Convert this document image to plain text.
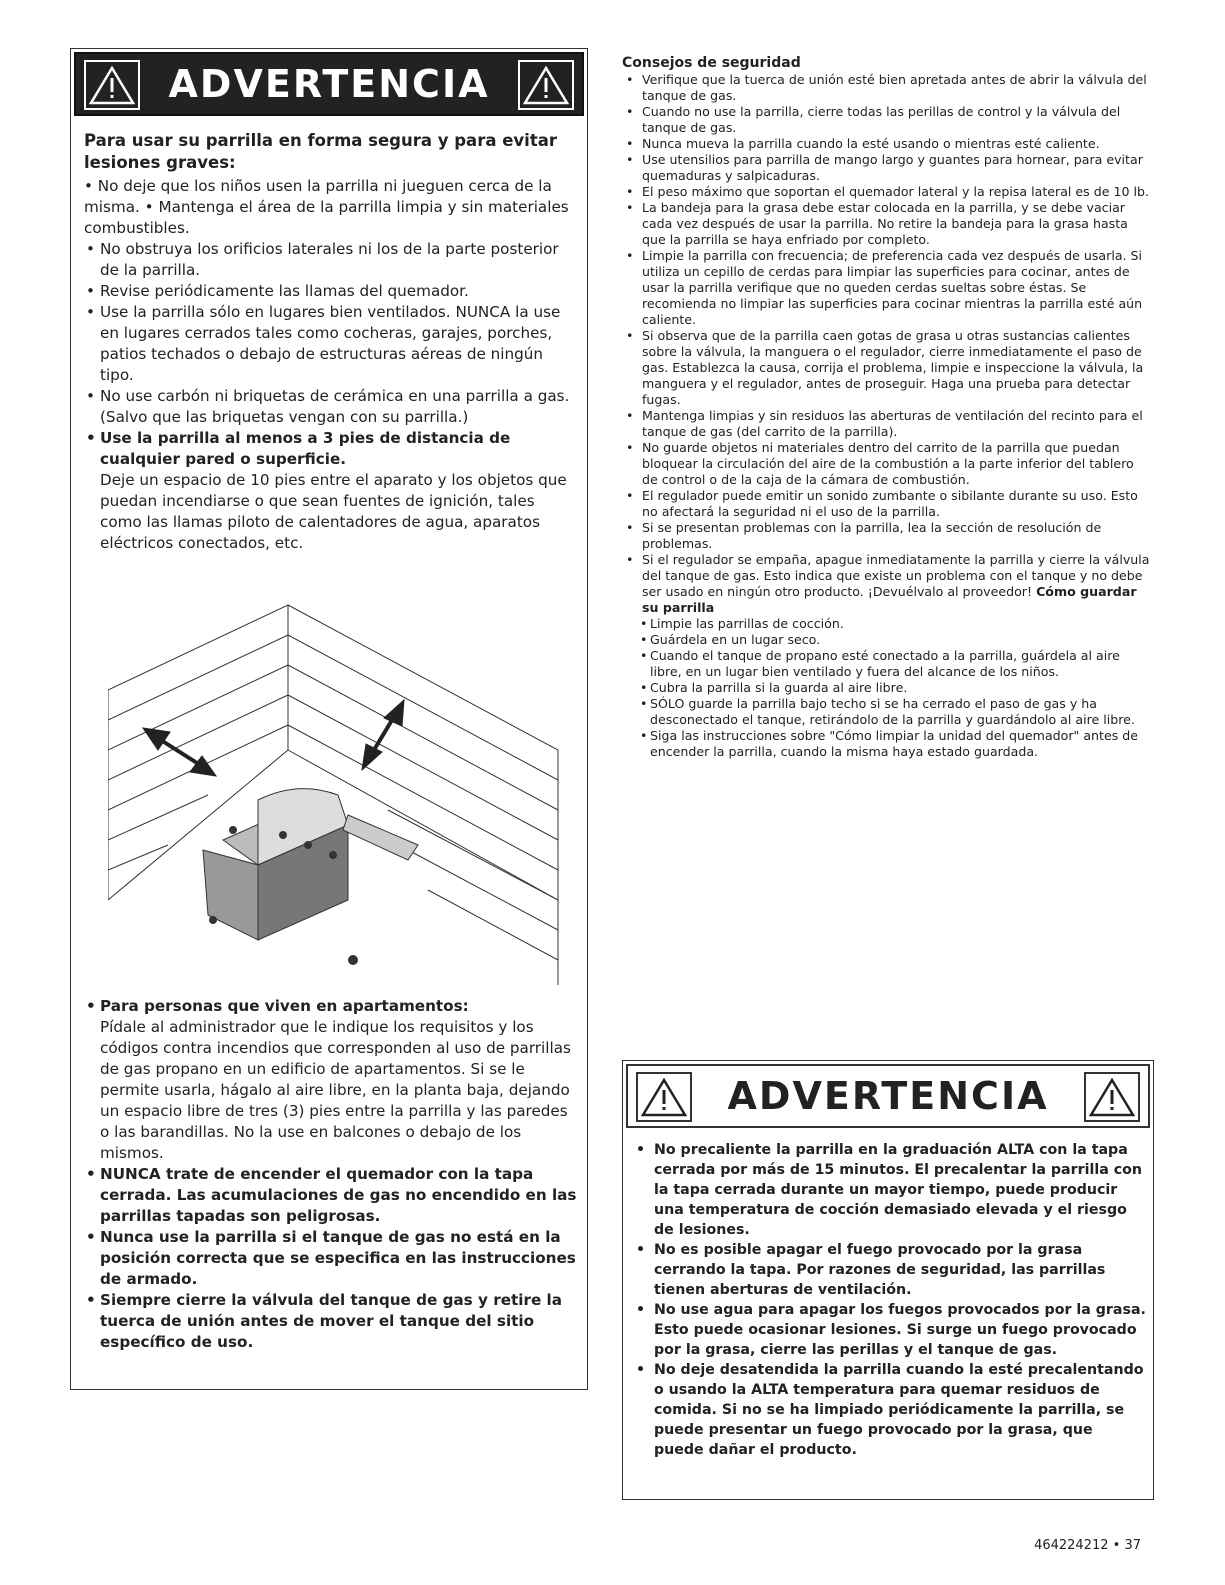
ADVERTENCIA

Para usar su parrilla en forma segura y para evitar lesiones graves:

• No deje que los niños usen la parrilla ni jueguen cerca de la misma. • Mantenga el área de la parrilla limpia y sin materiales combustibles.

• No obstruya los orificios laterales ni los de la parte posterior de la parrilla.

• Revise periódicamente las llamas del quemador.

• Use la parrilla sólo en lugares bien ventilados. NUNCA la use en lugares cerrados tales como cocheras, garajes, porches, patios techados o debajo de estructuras aéreas de ningún tipo.

• No use carbón ni briquetas de cerámica en una parrilla a gas. (Salvo que las briquetas vengan con su parrilla.)

• Use la parrilla al menos a 3 pies de distancia de cualquier pared o superficie.

Deje un espacio de 10 pies entre el aparato y los objetos que puedan incendiarse o que sean fuentes de ignición, tales como las llamas piloto de calentadores de agua, aparatos eléctricos conectados, etc.

• Para personas que viven en apartamentos:

Pídale al administrador que le indique los requisitos y los códigos contra incendios que corresponden al uso de parrillas de gas propano en un edificio de apartamentos. Si se le permite usarla, hágalo al aire libre, en la planta baja, dejando un espacio libre de tres (3) pies entre la parrilla y las paredes o las barandillas. No la use en balcones o debajo de los mismos.

• NUNCA trate de encender el quemador con la tapa cerrada. Las acumulaciones de gas no encendido en las parrillas tapadas son peligrosas.

• Nunca use la parrilla si el tanque de gas no está en la posición correcta que se especifica en las instrucciones de armado.

• Siempre cierre la válvula del tanque de gas y retire la tuerca de unión antes de mover el tanque del sitio específico de uso.

Consejos de seguridad

• Verifique que la tuerca de unión esté bien apretada antes de abrir la válvula del tanque de gas.

• Cuando no use la parrilla, cierre todas las perillas de control y la válvula del tanque de gas.

• Nunca mueva la parrilla cuando la esté usando o mientras esté caliente.

• Use utensilios para parrilla de mango largo y guantes para hornear, para evitar quemaduras y salpicaduras.

• El peso máximo que soportan el quemador lateral y la repisa lateral es de 10 lb.

• La bandeja para la grasa debe estar colocada en la parrilla, y se debe vaciar cada vez después de usar la parrilla. No retire la bandeja para la grasa hasta que la parrilla se haya enfriado por completo.

• Limpie la parrilla con frecuencia; de preferencia cada vez después de usarla. Si utiliza un cepillo de cerdas para limpiar las superficies para cocinar, antes de usar la parrilla verifique que no queden cerdas sueltas sobre éstas. Se recomienda no limpiar las superficies para cocinar mientras la parrilla esté aún caliente.

• Si observa que de la parrilla caen gotas de grasa u otras sustancias calientes sobre la válvula, la manguera o el regulador, cierre inmediatamente el paso de gas. Establezca la causa, corrija el problema, limpie e inspeccione la válvula, la manguera y el regulador, antes de proseguir. Haga una prueba para detectar fugas.

• Mantenga limpias y sin residuos las aberturas de ventilación del recinto para el tanque de gas (del carrito de la parrilla).

• No guarde objetos ni materiales dentro del carrito de la parrilla que puedan bloquear la circulación del aire de la combustión a la parte inferior del tablero de control o de la caja de la cámara de combustión.

• El regulador puede emitir un sonido zumbante o sibilante durante su uso. Esto no afectará la seguridad ni el uso de la parrilla.

• Si se presentan problemas con la parrilla, lea la sección de resolución de problemas.

• Si el regulador se empaña, apague inmediatamente la parrilla y cierre la válvula del tanque de gas. Esto indica que existe un problema con el tanque y no debe ser usado en ningún otro producto. ¡Devuélvalo al proveedor! Cómo guardar su parrilla

• Limpie las parrillas de cocción.

• Guárdela en un lugar seco.

• Cuando el tanque de propano esté conectado a la parrilla, guárdela al aire libre, en un lugar bien ventilado y fuera del alcance de los niños.

• Cubra la parrilla si la guarda al aire libre.

• SÓLO guarde la parrilla bajo techo si se ha cerrado el paso de gas y ha desconectado el tanque, retirándolo de la parrilla y guardándolo al aire libre.

• Siga las instrucciones sobre "Cómo limpiar la unidad del quemador" antes de encender la parrilla, cuando la misma haya estado guardada.

ADVERTENCIA

• No precaliente la parrilla en la graduación ALTA con la tapa cerrada por más de 15 minutos. El precalentar la parrilla con la tapa cerrada durante un mayor tiempo, puede producir una temperatura de cocción demasiado elevada y el riesgo de lesiones.

• No es posible apagar el fuego provocado por la grasa cerrando la tapa. Por razones de seguridad, las parrillas tienen aberturas de ventilación.

• No use agua para apagar los fuegos provocados por la grasa. Esto puede ocasionar lesiones. Si surge un fuego provocado por la grasa, cierre las perillas y el tanque de gas.

• No deje desatendida la parrilla cuando la esté precalentando o usando la ALTA temperatura para quemar residuos de comida. Si no se ha limpiado periódicamente la parrilla, se puede presentar un fuego provocado por la grasa, que puede dañar el producto.

464224212 • 37
